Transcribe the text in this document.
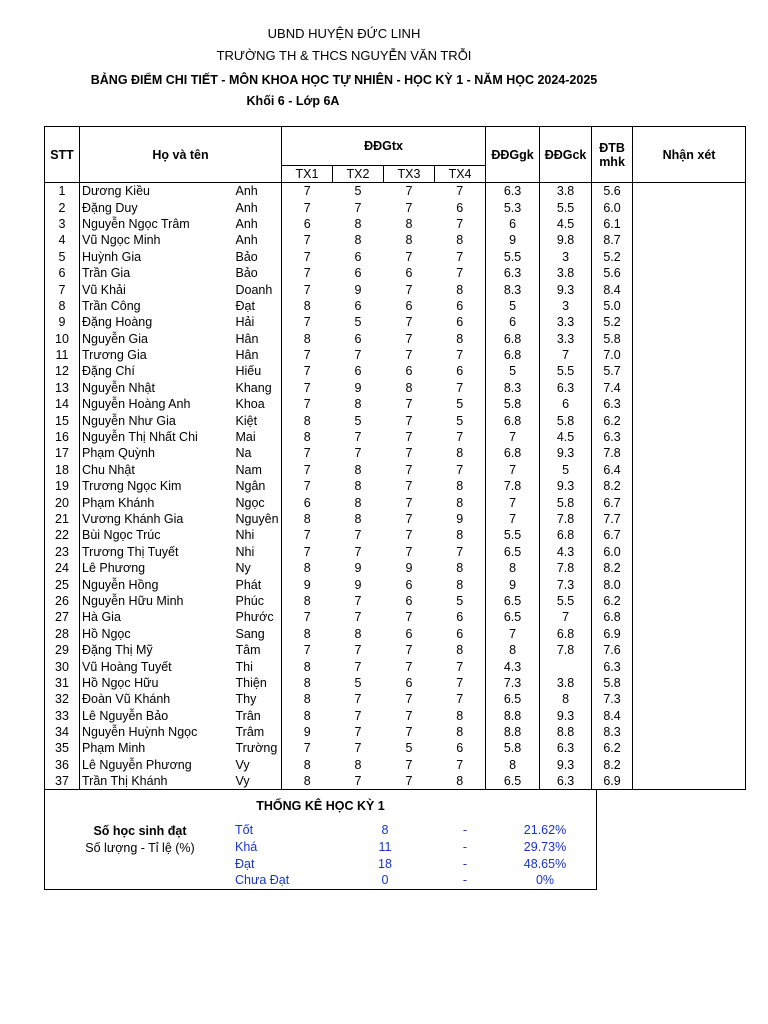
UBND HUYỆN ĐỨC LINH
TRƯỜNG TH & THCS NGUYỄN VĂN TRỖI
BẢNG ĐIỂM CHI TIẾT - MÔN KHOA HỌC TỰ NHIÊN - HỌC KỲ 1 - NĂM HỌC 2024-2025
Khối 6 - Lớp 6A
STT	Họ và tên		ĐĐGtx				ĐĐGgk	ĐĐGck	ĐTB mhk	Nhận xét
			TX1	TX2	TX3	TX4				
1	Dương Kiều	Anh	7	5	7	7	6.3	3.8	5.6	
2	Đặng Duy	Anh	7	7	7	6	5.3	5.5	6.0	
3	Nguyễn Ngọc Trâm	Anh	6	8	8	7	6	4.5	6.1	
4	Vũ Ngọc Minh	Anh	7	8	8	8	9	9.8	8.7	
5	Huỳnh Gia	Bảo	7	6	7	7	5.5	3	5.2	
6	Trần Gia	Bảo	7	6	6	7	6.3	3.8	5.6	
7	Vũ Khải	Doanh	7	9	7	8	8.3	9.3	8.4	
8	Trần Công	Đạt	8	6	6	6	5	3	5.0	
9	Đặng Hoàng	Hải	7	5	7	6	6	3.3	5.2	
10	Nguyễn Gia	Hân	8	6	7	8	6.8	3.3	5.8	
11	Trương Gia	Hân	7	7	7	7	6.8	7	7.0	
12	Đặng Chí	Hiếu	7	6	6	6	5	5.5	5.7	
13	Nguyễn Nhật	Khang	7	9	8	7	8.3	6.3	7.4	
14	Nguyễn Hoàng Anh	Khoa	7	8	7	5	5.8	6	6.3	
15	Nguyễn Như Gia	Kiệt	8	5	7	5	6.8	5.8	6.2	
16	Nguyễn Thị Nhất Chi	Mai	8	7	7	7	7	4.5	6.3	
17	Phạm Quỳnh	Na	7	7	7	8	6.8	9.3	7.8	
18	Chu Nhật	Nam	7	8	7	7	7	5	6.4	
19	Trương Ngọc Kim	Ngân	7	8	7	8	7.8	9.3	8.2	
20	Phạm Khánh	Ngọc	6	8	7	8	7	5.8	6.7	
21	Vương Khánh Gia	Nguyên	8	8	7	9	7	7.8	7.7	
22	Bùi Ngọc Trúc	Nhi	7	7	7	8	5.5	6.8	6.7	
23	Trương Thị Tuyết	Nhi	7	7	7	7	6.5	4.3	6.0	
24	Lê Phương	Ny	8	9	9	8	8	7.8	8.2	
25	Nguyễn Hồng	Phát	9	9	6	8	9	7.3	8.0	
26	Nguyễn Hữu Minh	Phúc	8	7	6	5	6.5	5.5	6.2	
27	Hà Gia	Phước	7	7	7	6	6.5	7	6.8	
28	Hồ Ngọc	Sang	8	8	6	6	7	6.8	6.9	
29	Đặng Thị Mỹ	Tâm	7	7	7	8	8	7.8	7.6	
30	Vũ Hoàng Tuyết	Thi	8	7	7	7	4.3		6.3	
31	Hồ Ngọc Hữu	Thiện	8	5	6	7	7.3	3.8	5.8	
32	Đoàn Vũ Khánh	Thy	8	7	7	7	6.5	8	7.3	
33	Lê Nguyễn Bảo	Trân	8	7	7	8	8.8	9.3	8.4	
34	Nguyễn Huỳnh Ngọc	Trâm	9	7	7	8	8.8	8.8	8.3	
35	Phạm Minh	Trường	7	7	5	6	5.8	6.3	6.2	
36	Lê Nguyễn Phương	Vy	8	8	7	7	8	9.3	8.2	
37	Trần Thị Khánh	Vy	8	7	7	8	6.5	6.3	6.9	
THỐNG KÊ HỌC KỲ 1
Số học sinh đạt
Số lượng - Tỉ lệ (%)
Tốt	8	-	21.62%
Khá	11	-	29.73%
Đạt	18	-	48.65%
Chưa Đạt	0	-	0%
